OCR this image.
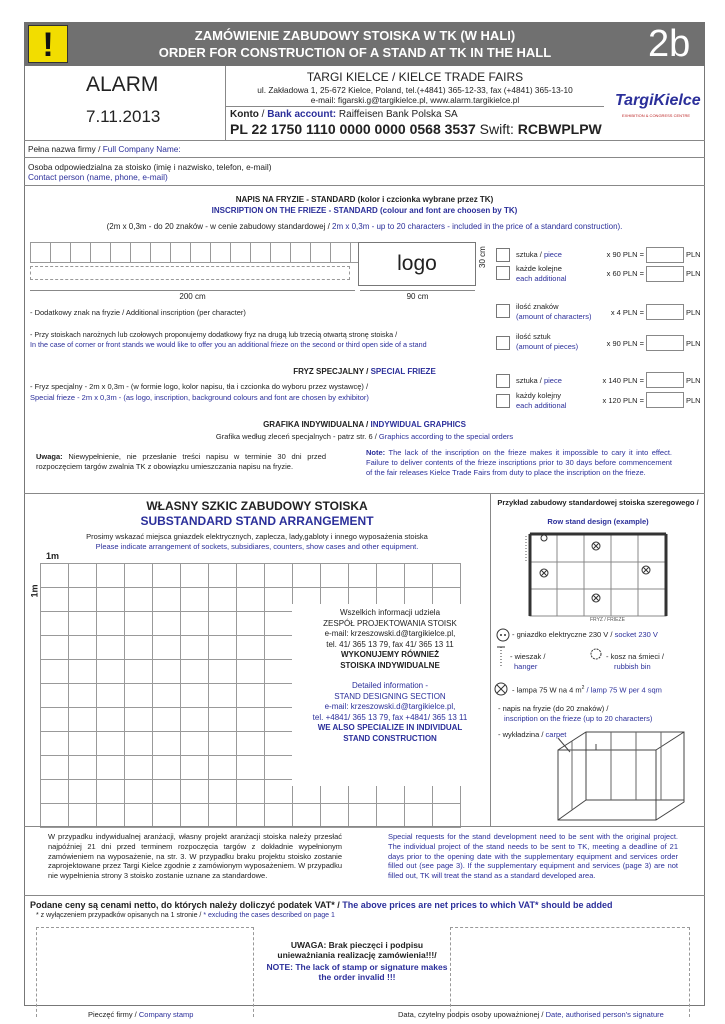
!	ZAMÓWIENIE ZABUDOWY STOISKA W TK (W HALI)
ORDER FOR CONSTRUCTION OF A STAND AT TK IN THE HALL	2b
ALARM
7.11.2013
TARGI KIELCE / KIELCE TRADE FAIRS
ul. Zakładowa 1, 25-672 Kielce, Poland, tel.(+4841) 365-12-33, fax (+4841) 365-13-10
e-mail: figarski.g@targikielce.pl, www.alarm.targikielce.pl
Konto / Bank account: Raiffeisen Bank Polska SA
PL 22 1750 1110 0000 0000 0568 3537 Swift: RCBWPLPW
TargiKielce
EXHIBITION & CONGRESS CENTRE
Pełna nazwa firmy / Full Company Name:
Osoba odpowiedzialna za stoisko (imię i nazwisko, telefon, e-mail)
Contact person (name, phone, e-mail)
NAPIS NA FRYZIE - STANDARD (kolor i czcionka wybrane przez TK)
INSCRIPTION ON THE FRIEZE - STANDARD (colour and font are choosen by TK)
(2m x 0,3m - do 20 znaków - w cenie zabudowy standardowej / 2m x 0,3m - up to 20 characters - included in the price of a standard construction).

logo	30 cm
200 cm	90 cm
sztuka / piece	x 90 PLN =	PLN
każde kolejne
each additional
x 60 PLN =	PLN
- Dodatkowy znak na fryzie / Additional inscription (per character)
ilość znaków
(amount of characters)	x 4 PLN =	PLN
- Przy stoiskach narożnych lub czołowych proponujemy dodatkowy fryz na drugą lub trzecią otwartą stronę stoiska /
In the case of corner or front stands we would like to offer you an additional frieze on the second or third open side of a stand
ilość sztuk
(amount of pieces)	x 90 PLN =	PLN
FRYZ SPECJALNY / SPECIAL FRIEZE
- Fryz specjalny - 2m x 0,3m - (w formie logo, kolor napisu, tła i czcionka do wyboru przez wystawcę) /
Special frieze - 2m x 0,3m - (as logo, inscription, background colours and font are chosen by exhibitor)
sztuka / piece	x 140 PLN =	PLN
każdy kolejny
each additional
x 120 PLN =	PLN
GRAFIKA INDYWIDUALNA / INDYWIDUAL GRAPHICS
Grafika według zleceń specjalnych - patrz str. 6 / Graphics according to the special orders
Uwaga: Niewypełnienie, nie przesłanie treści napisu w terminie 30 dni przed rozpoczęciem targów zwalnia TK z obowiązku umieszczania napisu na fryzie.
Note: The lack of the inscription on the frieze makes it impossible to cary it into effect. Failure to deliver contents of the frieze inscriptions prior to 30 days before commencement of the fair releases Kielce Trade Fairs from duty to place the inscription on the frieze.
WŁASNY SZKIC ZABUDOWY STOISKA
SUBSTANDARD STAND ARRANGEMENT
Prosimy wskazać miejsca gniazdek elektrycznych, zaplecza, lady,gabloty i innego wyposażenia stoiska
Please indicate arrangement of sockets, subsidiares, counters, show cases and other equipment.
1m
1m

Wszelkich informacji udziela
ZESPÓŁ PROJEKTOWANIA STOISK
e-mail: krzeszowski.d@targikielce.pl,
tel. 41/ 365 13 79, fax 41/ 365 13 11
WYKONUJEMY RÓWNIEŻ
STOISKA INDYWIDUALNE
Detailed information -
STAND DESIGNING SECTION
e-mail: krzeszowski.d@targikielce.pl,
tel. +4841/ 365 13 79, fax +4841/ 365 13 11
WE ALSO SPECIALIZE IN INDIVIDUAL
STAND CONSTRUCTION
Przykład zabudowy standardowej stoiska szeregowego /
Row stand design (example)
FRYZ / FRIEZE
- gniazdko elektryczne 230 V / socket 230 V
- wieszak /
hanger
- kosz na śmieci /
rubbish bin
- lampa 75 W na 4 $m^2$ / lamp 75 W per 4 sqm
- napis na fryzie (do 20 znaków) /
inscription on the frieze (up to 20 characters)
- wykładzina / carpet
W przypadku indywidualnej aranżacji, własny projekt aranżacji stoiska należy przesłać najpóźniej 21 dni przed terminem rozpoczęcia targów z dokładnie wypełnionym zamówieniem na wyposażenie, na str. 3. W przypadku braku projektu stoisko zostanie zaprojektowane przez Targi Kielce zgodnie z zamówionym wyposażeniem. W przypadku nie wypełnienia strony 3 stoisko zostanie uznane za standardowe.
Special requests for the stand development need to be sent with the original project. The individual project of the stand needs to be sent to TK, meeting a deadline of 21 days prior to the opening date with the supplementary equipment and services order filled out (see page 3). If the supplementary equipment and services (page 3) are not filled out, TK will treat the stand as a standard developed area.
Podane ceny są cenami netto, do których należy doliczyć podatek VAT* / The above prices are net prices to which VAT* should be added
* z wyłączeniem przypadków opisanych na 1 stronie / * excluding the cases described on page 1
UWAGA: Brak pieczęci i podpisu unieważniania realizację zamówienia!!!/
NOTE: The lack of stamp or signature makes the order invalid !!!
Pieczęć firmy / Company stamp	Data, czytelny podpis osoby upoważnionej / Date, authorised person's signature
